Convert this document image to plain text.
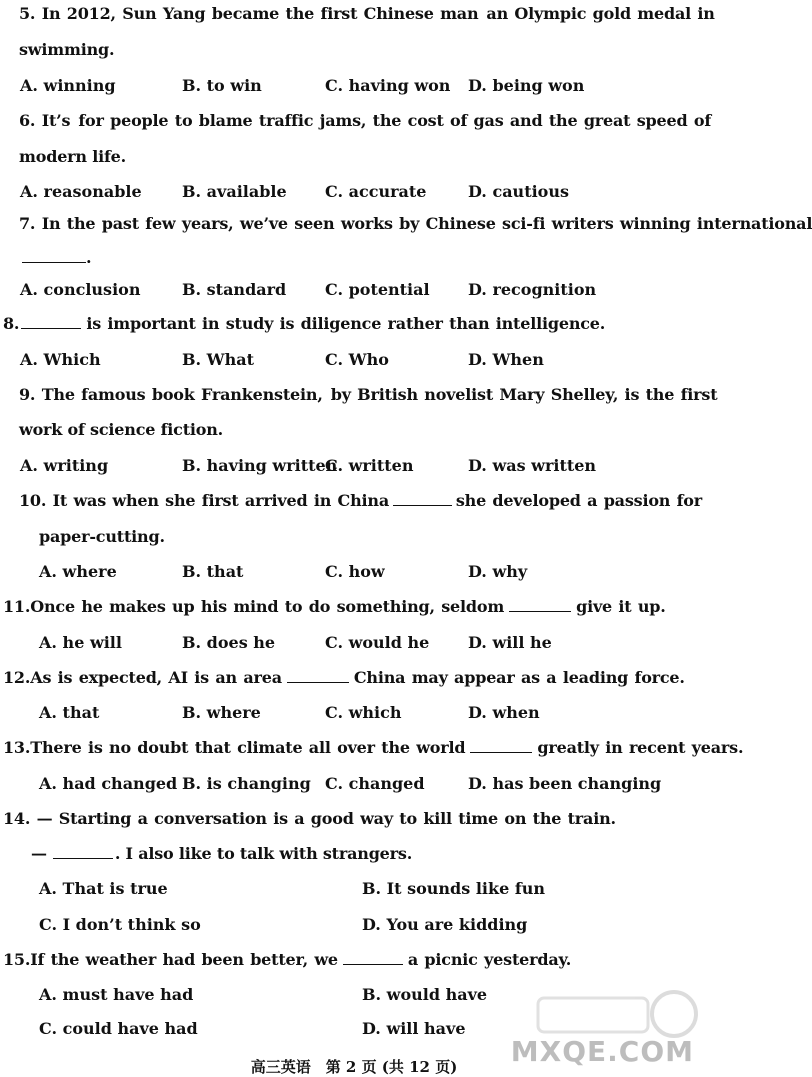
5. In 2012, Sun Yang became the first Chinese man an Olympic gold medal in
swimming.
A. winning	B. to win	C. having won D. being won
6. It’s for people to blame traffic jams, the cost of gas and the great speed of
modern life.
A. reasonable	B. available C. accurate	D. cautious
7. In the past few years, we’ve seen works by Chinese sci-fi writers winning international
.
A. conclusion	B. standard C. potential D. recognition
8.	is important in study is diligence rather than intelligence.
A. Which	B. What	C. Who	D. When
9. The famous book Frankenstein, by British novelist Mary Shelley, is the first
work of science fiction.
A. writing	B. having written
C. written	D. was written
10. It was when she first arrived in China	she developed a passion for
paper-cutting.
A. where	B. that	C. how	D. why
11.Once he makes up his mind to do something, seldom	give it up.
A. he will	B. does he	C. would he D. will he
12.As is expected, AI is an area	China may appear as a leading force.
A. that	B. where	C. which	D. when
13.There is no doubt that climate all over the world	greatly in recent years.
A. had changed B. is changing C. changed	D. has been changing
14. — Starting a conversation is a good way to kill time on the train.
—	. I also like to talk with strangers.
A. That is true	B. It sounds like fun
C. I don’t think so	D. You are kidding
15.If the weather had been better, we	a picnic yesterday.
A. must have had	B. would have
C. could have had	D. will have
MXQE.COM
高三英语　第 2 页 (共 12 页)
